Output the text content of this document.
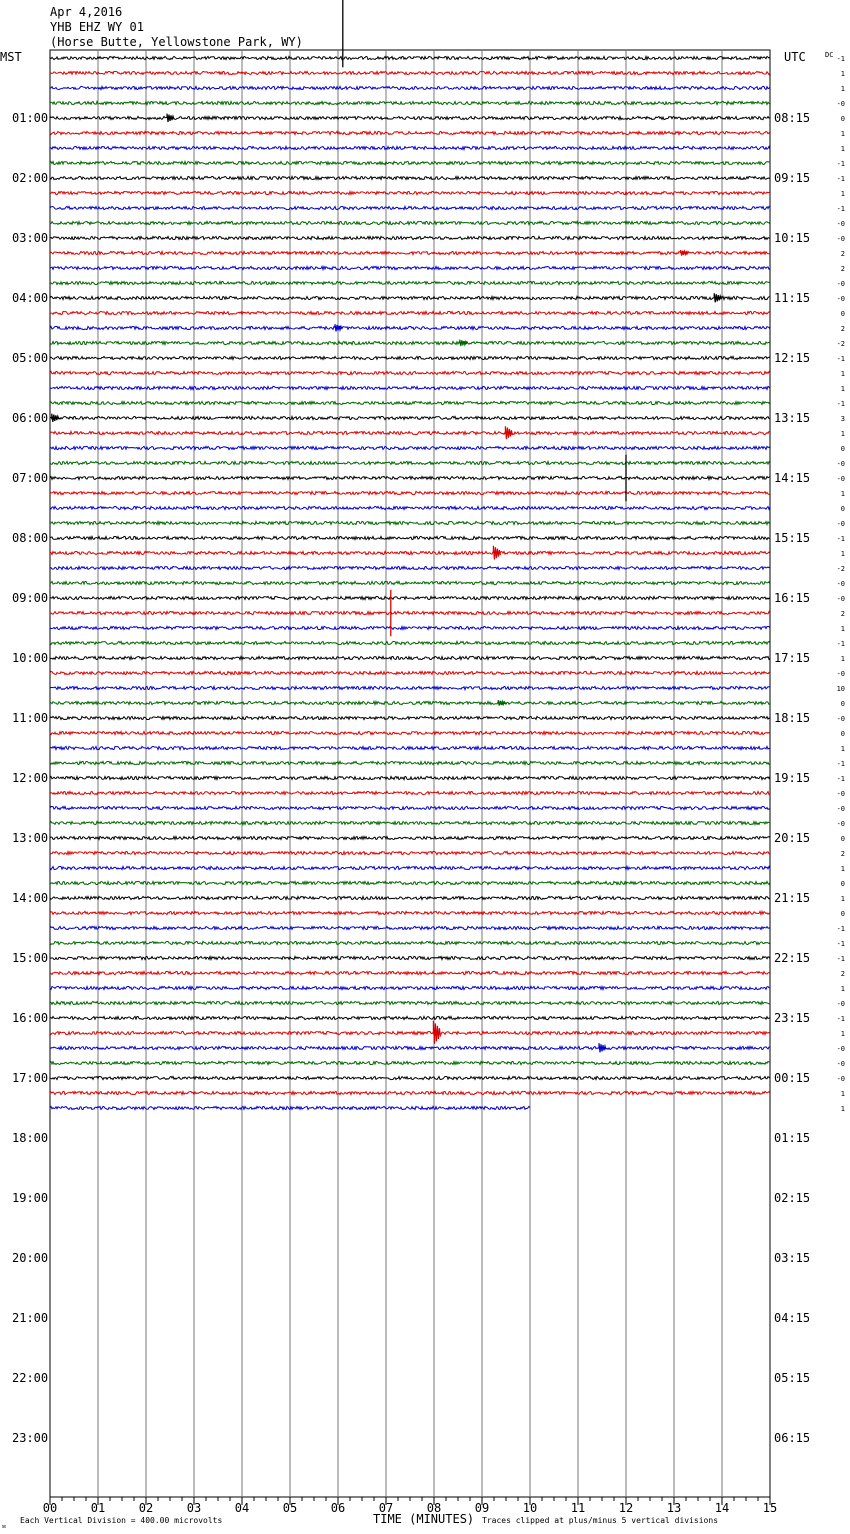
Apr 4,2016
YHB EHZ WY 01
(Horse Butte, Yellowstone Park, WY)
MST	UTC	DC
01:00
02:00
03:00
04:00
05:00
06:00
07:00
08:00
09:00
10:00
11:00
12:00
13:00
14:00
15:00
16:00
17:00
18:00
19:00
20:00
21:00
22:00
23:00
08:15
09:15
10:15
11:15
12:15
13:15
14:15
15:15
16:15
17:15
18:15
19:15
20:15
21:15
22:15
23:15
00:15
01:15
02:15
03:15
04:15
05:15
06:15
-1
1
1
-0
0
1
1
-1
-1
1
-1
-0
-0
2
2
-0
-0
0
2
-2
-1
1
1
-1
3
1
0
-0
-0
1
0
-0
-1
1
-2
-0
-0
2
1
-1
1
-0
10
0
-0
0
1
-1
-1
-0
-0
-0
0
2
1
0
1
0
-1
-1
-1
2
1
-0
-1
1
-0
-0
-0
1
1
00	01	02	03	04	05	06	07	08	09	10	11	12	13	14	15
ᴍ
Each Vertical Division = 400.00 microvolts	TIME (MINUTES) Traces clipped at plus/minus 5 vertical divisions
